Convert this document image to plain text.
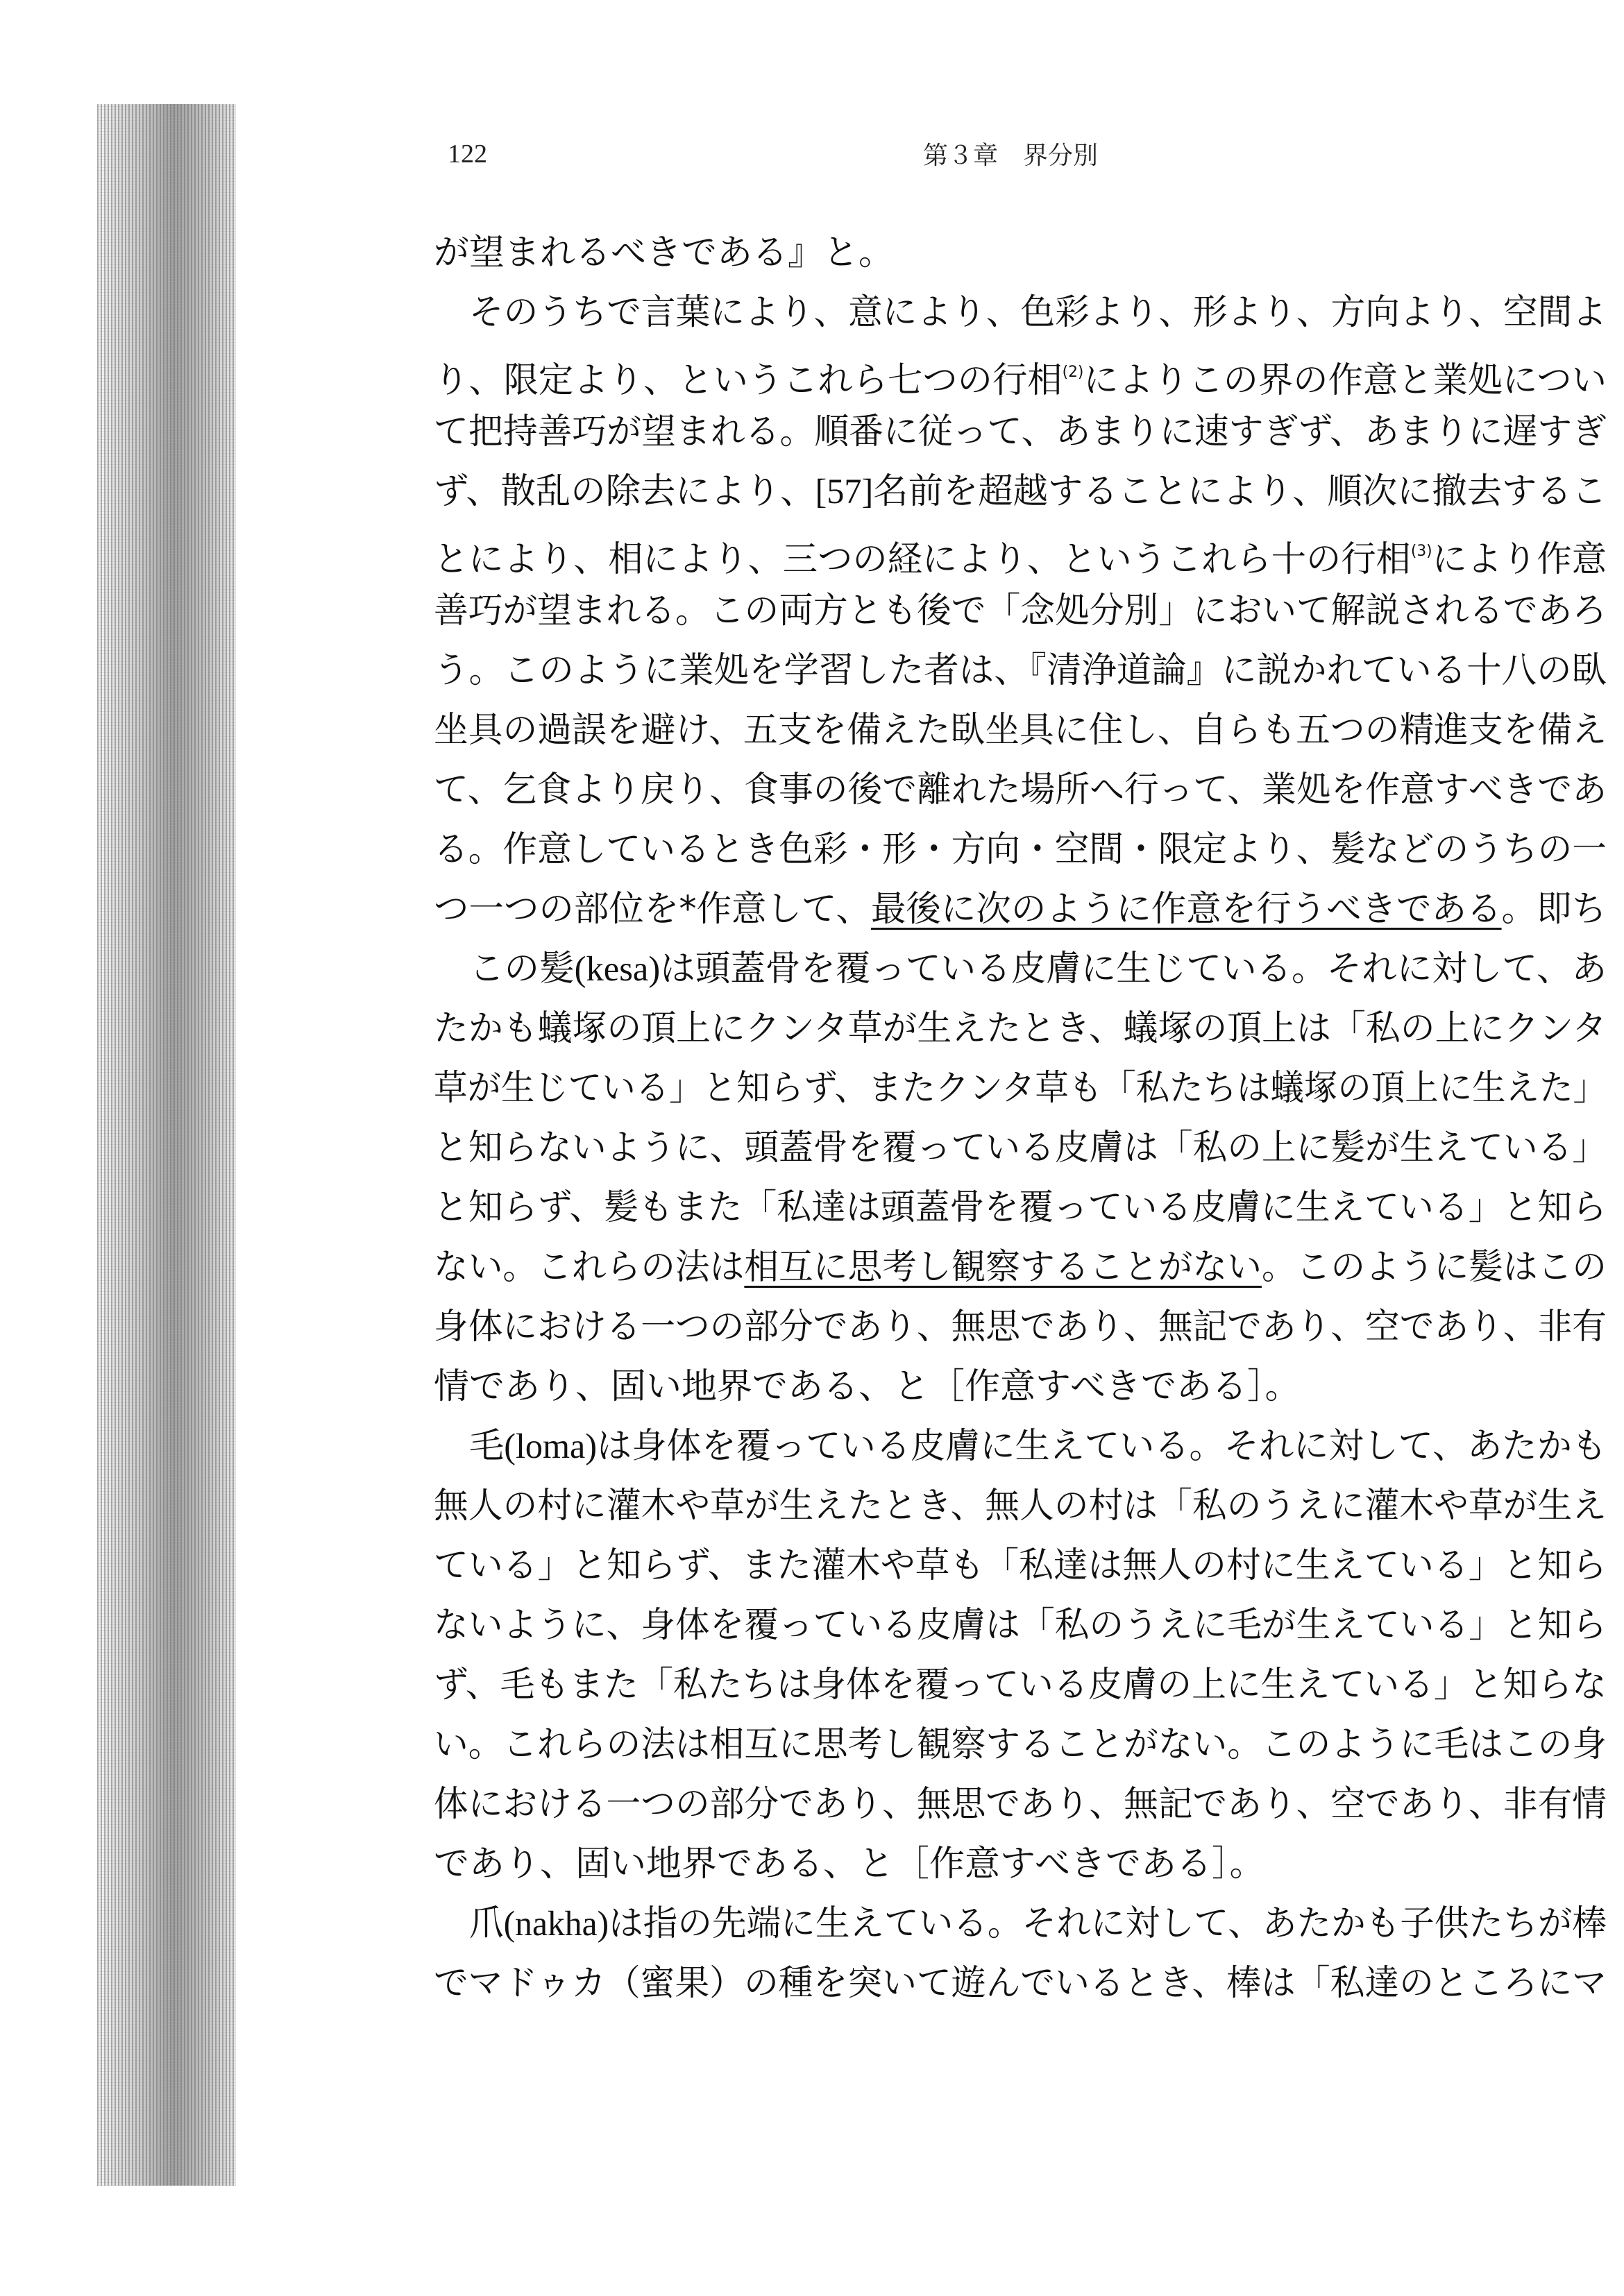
122	第３章　界分別
が望まれるべきである』と。
そのうちで言葉により、意により、色彩より、形より、方向より、空間よ
り、限定より、というこれら七つの行相$^{(2)}$によりこの界の作意と業処につい
て把持善巧が望まれる。順番に従って、あまりに速すぎず、あまりに遅すぎ
ず、散乱の除去により、[57]名前を超越することにより、順次に撤去するこ
とにより、相により、三つの経により、というこれら十の行相$^{(3)}$により作意
善巧が望まれる。この両方とも後で「念処分別」において解説されるであろ
う。このように業処を学習した者は、『清浄道論』に説かれている十八の臥
坐具の過誤を避け、五支を備えた臥坐具に住し、自らも五つの精進支を備え
て、乞食より戻り、食事の後で離れた場所へ行って、業処を作意すべきであ
る。作意しているとき色彩・形・方向・空間・限定より、髪などのうちの一
つ一つの部位を*作意して、最後に次のように作意を行うべきである。即ち
この髪(kesa)は頭蓋骨を覆っている皮膚に生じている。それに対して、あ
たかも蟻塚の頂上にクンタ草が生えたとき、蟻塚の頂上は「私の上にクンタ
草が生じている」と知らず、またクンタ草も「私たちは蟻塚の頂上に生えた」
と知らないように、頭蓋骨を覆っている皮膚は「私の上に髪が生えている」
と知らず、髪もまた「私達は頭蓋骨を覆っている皮膚に生えている」と知ら
ない。これらの法は相互に思考し観察することがない。このように髪はこの
身体における一つの部分であり、無思であり、無記であり、空であり、非有
情であり、固い地界である、と［作意すべきである］。
毛(loma)は身体を覆っている皮膚に生えている。それに対して、あたかも
無人の村に灌木や草が生えたとき、無人の村は「私のうえに灌木や草が生え
ている」と知らず、また灌木や草も「私達は無人の村に生えている」と知ら
ないように、身体を覆っている皮膚は「私のうえに毛が生えている」と知ら
ず、毛もまた「私たちは身体を覆っている皮膚の上に生えている」と知らな
い。これらの法は相互に思考し観察することがない。このように毛はこの身
体における一つの部分であり、無思であり、無記であり、空であり、非有情
であり、固い地界である、と［作意すべきである］。
爪(nakha)は指の先端に生えている。それに対して、あたかも子供たちが棒
でマドゥカ（蜜果）の種を突いて遊んでいるとき、棒は「私達のところにマ
